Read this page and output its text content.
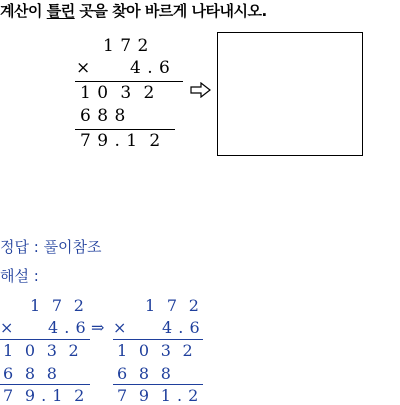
계산이 틀린 곳을 찾아 바르게 나타내시오.
1 7 2
× 4 . 6
1 0  3  2
6 8 8
7 9 . 1  2
정답 : 풀이참조
해설 :
1  7  2
× 4 . 6
1  0  3  2
6  8  8
7  9 . 1  2
⇒
1  7  2
× 4 . 6
1  0  3  2
6  8  8
7  9  1 . 2
